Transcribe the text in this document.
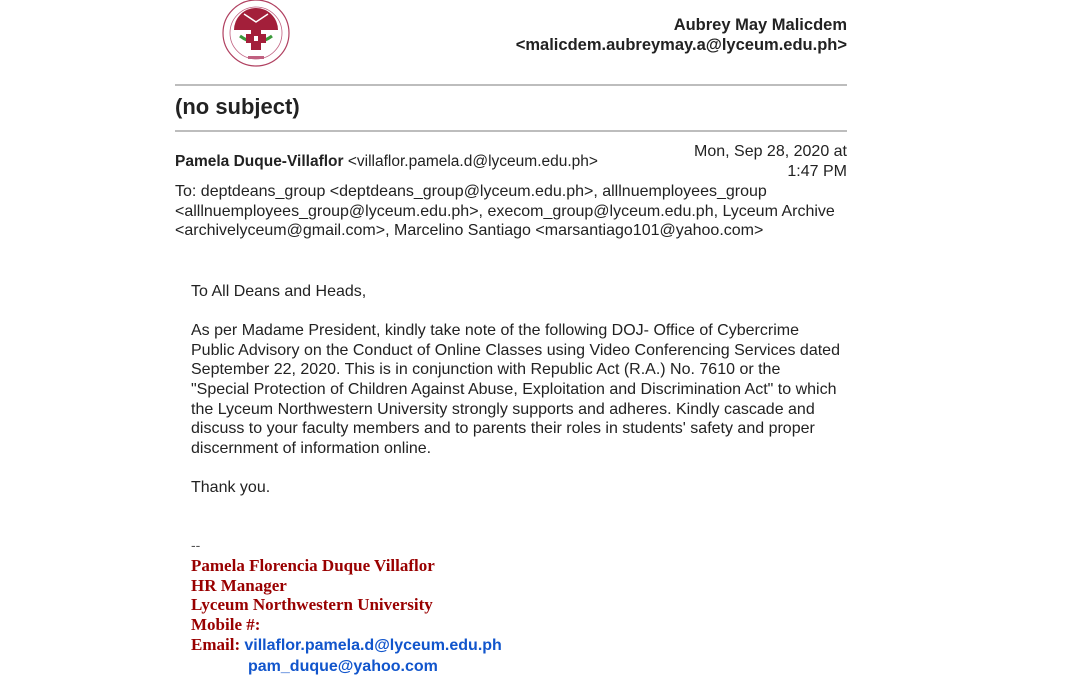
Aubrey May Malicdem
<malicdem.aubreymay.a@lyceum.edu.ph>
(no subject)
Pamela Duque-Villaflor <villaflor.pamela.d@lyceum.edu.ph>
Mon, Sep 28, 2020 at
1:47 PM
To: deptdeans_group <deptdeans_group@lyceum.edu.ph>, alllnuemployees_group <alllnuemployees_group@lyceum.edu.ph>, execom_group@lyceum.edu.ph, Lyceum Archive <archivelyceum@gmail.com>, Marcelino Santiago <marsantiago101@yahoo.com>

To All Deans and Heads,

As per Madame President, kindly take note of the following DOJ- Office of Cybercrime Public Advisory on the Conduct of Online Classes using Video Conferencing Services dated September 22, 2020. This is in conjunction with Republic Act (R.A.) No. 7610 or the "Special Protection of Children Against Abuse, Exploitation and Discrimination Act" to which the Lyceum Northwestern University strongly supports and adheres. Kindly cascade and discuss to your faculty members and to parents their roles in students' safety and proper discernment of information online.

Thank you.

--
Pamela Florencia Duque Villaflor
HR Manager
Lyceum Northwestern University
Mobile #:
Email: villaflor.pamela.d@lyceum.edu.ph
pam_duque@yahoo.com
